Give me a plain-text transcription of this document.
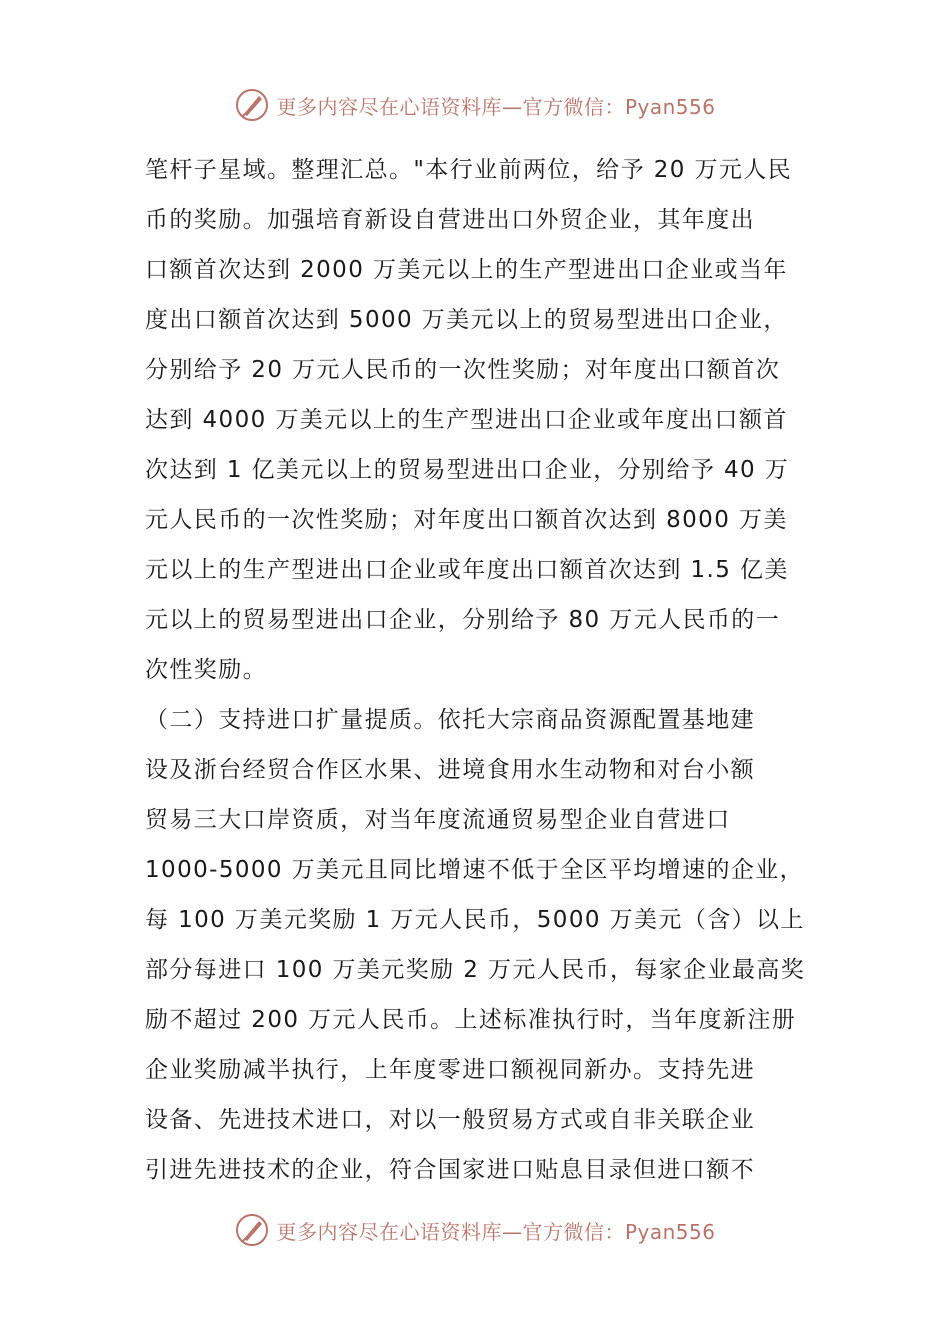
更多内容尽在心语资料库—官方微信：Pyan556
笔杆子星域。整理汇总。"本行业前两位，给予 20 万元人民
币的奖励。加强培育新设自营进出口外贸企业，其年度出
口额首次达到 2000 万美元以上的生产型进出口企业或当年
度出口额首次达到 5000 万美元以上的贸易型进出口企业，
分别给予 20 万元人民币的一次性奖励；对年度出口额首次
达到 4000 万美元以上的生产型进出口企业或年度出口额首
次达到 1 亿美元以上的贸易型进出口企业，分别给予 40 万
元人民币的一次性奖励；对年度出口额首次达到 8000 万美
元以上的生产型进出口企业或年度出口额首次达到 1.5 亿美
元以上的贸易型进出口企业，分别给予 80 万元人民币的一
次性奖励。
（二）支持进口扩量提质。依托大宗商品资源配置基地建
设及浙台经贸合作区水果、进境食用水生动物和对台小额
贸易三大口岸资质，对当年度流通贸易型企业自营进口
1000-5000 万美元且同比增速不低于全区平均增速的企业，
每 100 万美元奖励 1 万元人民币，5000 万美元（含）以上
部分每进口 100 万美元奖励 2 万元人民币，每家企业最高奖
励不超过 200 万元人民币。上述标准执行时，当年度新注册
企业奖励减半执行，上年度零进口额视同新办。支持先进
设备、先进技术进口，对以一般贸易方式或自非关联企业
引进先进技术的企业，符合国家进口贴息目录但进口额不
更多内容尽在心语资料库—官方微信：Pyan556
